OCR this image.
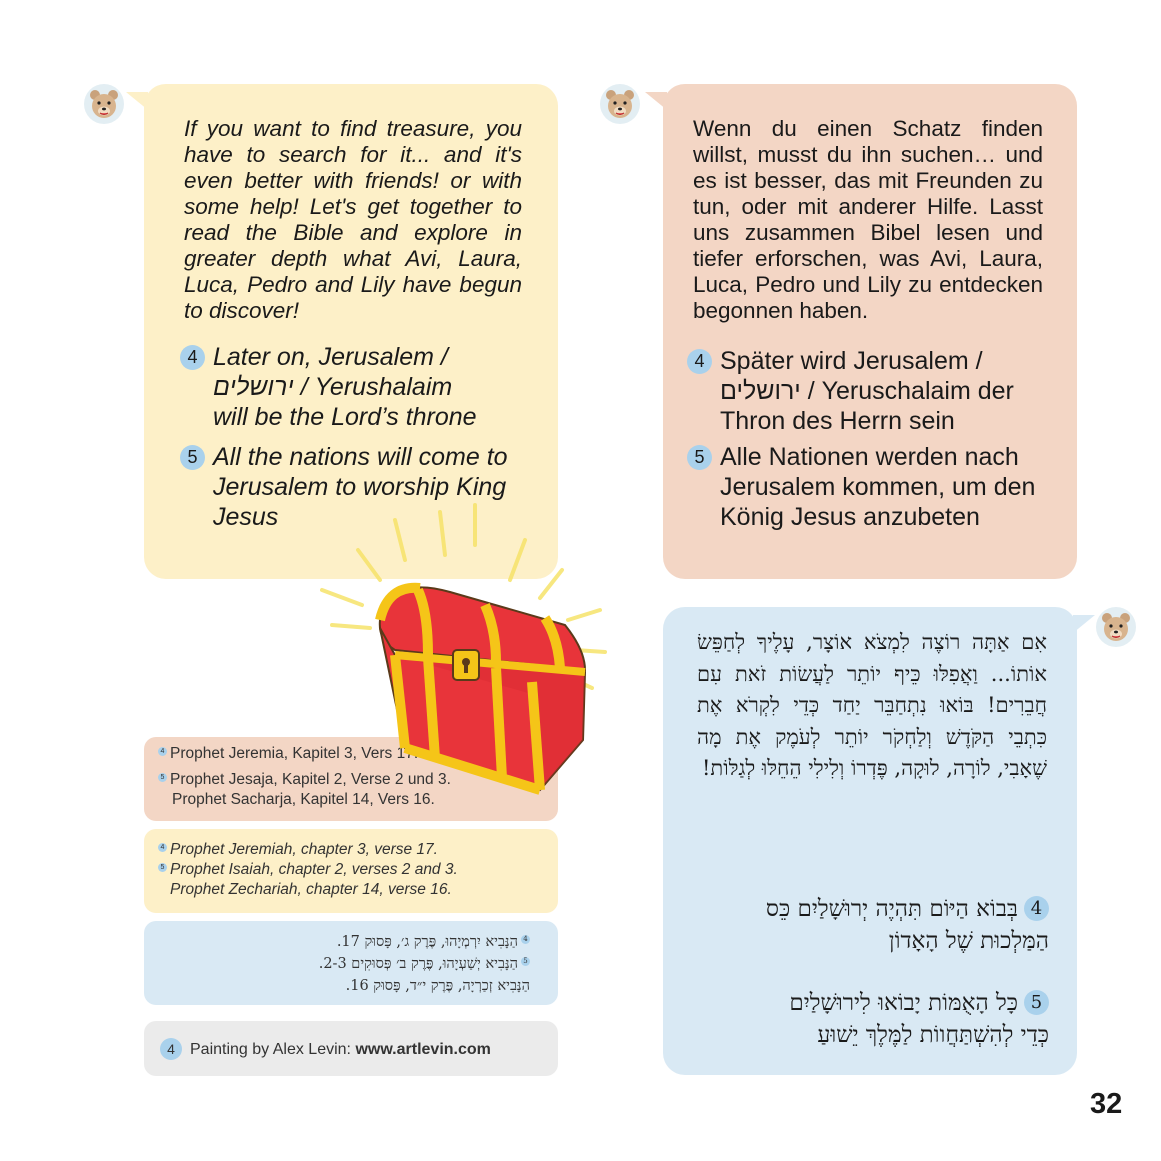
If you want to find treasure, you have to search for it... and it's even better with friends! or with some help! Let's get together to read the Bible and explore in greater depth what Avi, Laura, Luca, Pedro and Lily have begun to discover!

4 Later on, Jerusalem /
ירושלים / Yerushalaim
will be the Lord’s throne
5 All the nations will come to
Jerusalem to worship King
Jesus

Wenn du einen Schatz finden willst, musst du ihn suchen… und es ist besser, das mit Freunden zu tun, oder mit anderer Hilfe. Lasst uns zusammen Bibel lesen und tiefer erforschen, was Avi, Laura, Luca, Pedro und Lily zu entdecken begonnen haben.

4 Später wird Jerusalem /
ירושלים / Yeruschalaim der
Thron des Herrn sein
5 Alle Nationen werden nach
Jerusalem kommen, um den
König Jesus anzubeten

אִם אַתָּה רוֹצֶה לִמְצֹא אוֹצָר, עָלֶיךָ לְחַפֵּשׂ אוֹתוֹ... וַאֲפִלּוּ כֵּיף יוֹתֵר לַעֲשׂוֹת זֹאת עִם חֲבֵרִים! בּוֹאוּ נִתְחַבֵּר יַחַד כְּדֵי לִקְרֹא אֶת כִּתְבֵי הַקֹּדֶשׁ וְלַחְקֹר יוֹתֵר לְעֹמֶק אֶת מָה שֶׁאָבִי, לוֹרָה, לוּקָה, פֶּדְרוֹ וְלִילִי הֵחֵלּוּ לְגַלּוֹת!

4בְּבוֹא הַיּוֹם תִּהְיֶה יְרוּשָׁלַיִם כֵּס
הַמַּלְכוּת שֶׁל הָאָדוֹן
5כָּל הָאֻמּוֹת יָבוֹאוּ לִירוּשָׁלַיִם
כְּדֵי לְהִשְׁתַּחֲווֹת לַמֶּלֶךְ יֵשׁוּעַ
4 Prophet Jeremia, Kapitel 3, Vers 17.
5 Prophet Jesaja, Kapitel 2, Verse 2 und 3.
Prophet Sacharja, Kapitel 14, Vers 16.
4 Prophet Jeremiah, chapter 3, verse 17.
5 Prophet Isaiah, chapter 2, verses 2 and 3.
Prophet Zechariah, chapter 14, verse 16.
4הַנָּבִיא יִרְמְיָהוּ, פֶּרֶק ג׳, פָּסוּק 17.
5הַנָּבִיא יְשַׁעְיָהוּ, פֶּרֶק ב׳ פְּסוּקִים 2-3.
הַנָּבִיא זְכַרְיָה, פֶּרֶק י״ד, פָּסוּק 16.
4 Painting by Alex Levin: www.artlevin.com
32
